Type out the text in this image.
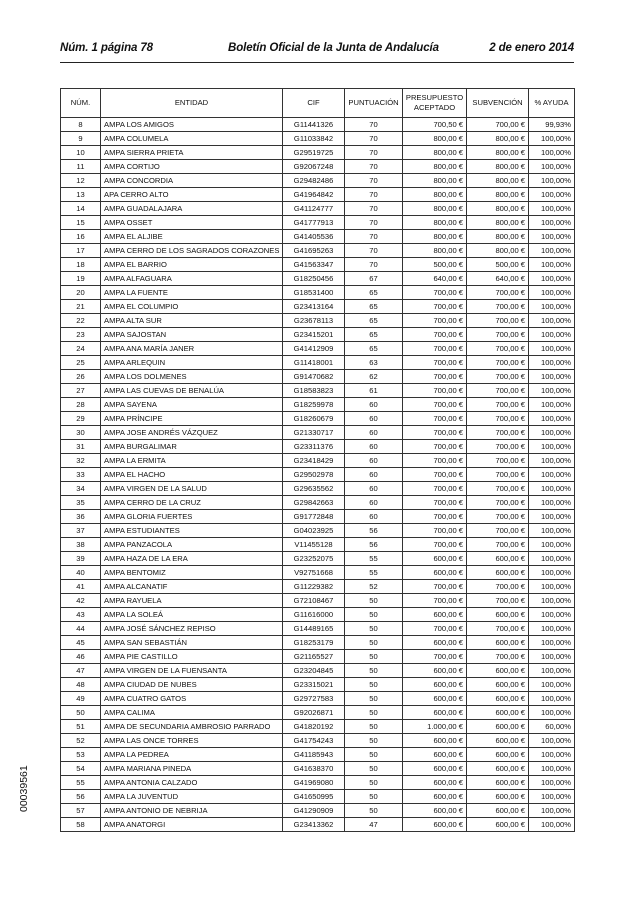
Núm. 1 página 78	Boletín Oficial de la Junta de Andalucía	2 de enero 2014
00039561
NÚM.	ENTIDAD	CIF	PUNTUACIÓN	PRESUPUESTO ACEPTADO	SUBVENCIÓN	% AYUDA
8	AMPA LOS AMIGOS	G11441326	70	700,50 €	700,00 €	99,93%
9	AMPA COLUMELA	G11033842	70	800,00 €	800,00 €	100,00%
10	AMPA SIERRA PRIETA	G29519725	70	800,00 €	800,00 €	100,00%
11	AMPA CORTIJO	G92067248	70	800,00 €	800,00 €	100,00%
12	AMPA CONCORDIA	G29482486	70	800,00 €	800,00 €	100,00%
13	APA CERRO ALTO	G41964842	70	800,00 €	800,00 €	100,00%
14	AMPA GUADALAJARA	G41124777	70	800,00 €	800,00 €	100,00%
15	AMPA OSSET	G41777913	70	800,00 €	800,00 €	100,00%
16	AMPA EL ALJIBE	G41405536	70	800,00 €	800,00 €	100,00%
17	AMPA CERRO DE LOS SAGRADOS CORAZONES	G41695263	70	800,00 €	800,00 €	100,00%
18	AMPA EL BARRIO	G41563347	70	500,00 €	500,00 €	100,00%
19	AMPA ALFAGUARA	G18250456	67	640,00 €	640,00 €	100,00%
20	AMPA LA FUENTE	G18531400	65	700,00 €	700,00 €	100,00%
21	AMPA EL COLUMPIO	G23413164	65	700,00 €	700,00 €	100,00%
22	AMPA ALTA SUR	G23678113	65	700,00 €	700,00 €	100,00%
23	AMPA SAJOSTAN	G23415201	65	700,00 €	700,00 €	100,00%
24	AMPA ANA MARÍA JANER	G41412909	65	700,00 €	700,00 €	100,00%
25	AMPA ARLEQUIN	G11418001	63	700,00 €	700,00 €	100,00%
26	AMPA LOS DOLMENES	G91470682	62	700,00 €	700,00 €	100,00%
27	AMPA LAS CUEVAS DE BENALÚA	G18583823	61	700,00 €	700,00 €	100,00%
28	AMPA SAYENA	G18259978	60	700,00 €	700,00 €	100,00%
29	AMPA PRÍNCIPE	G18260679	60	700,00 €	700,00 €	100,00%
30	AMPA JOSE ANDRÉS VÁZQUEZ	G21330717	60	700,00 €	700,00 €	100,00%
31	AMPA BURGALIMAR	G23311376	60	700,00 €	700,00 €	100,00%
32	AMPA LA ERMITA	G23418429	60	700,00 €	700,00 €	100,00%
33	AMPA EL HACHO	G29502978	60	700,00 €	700,00 €	100,00%
34	AMPA VIRGEN DE LA SALUD	G29635562	60	700,00 €	700,00 €	100,00%
35	AMPA CERRO DE LA CRUZ	G29842663	60	700,00 €	700,00 €	100,00%
36	AMPA GLORIA FUERTES	G91772848	60	700,00 €	700,00 €	100,00%
37	AMPA ESTUDIANTES	G04023925	56	700,00 €	700,00 €	100,00%
38	AMPA PANZACOLA	V11455128	56	700,00 €	700,00 €	100,00%
39	AMPA HAZA DE LA ERA	G23252075	55	600,00 €	600,00 €	100,00%
40	AMPA BENTOMIZ	V92751668	55	600,00 €	600,00 €	100,00%
41	AMPA ALCANATIF	G11229382	52	700,00 €	700,00 €	100,00%
42	AMPA RAYUELA	G72108467	50	700,00 €	700,00 €	100,00%
43	AMPA LA SOLEÁ	G11616000	50	600,00 €	600,00 €	100,00%
44	AMPA JOSÉ SÁNCHEZ REPISO	G14489165	50	700,00 €	700,00 €	100,00%
45	AMPA SAN SEBASTIÁN	G18253179	50	600,00 €	600,00 €	100,00%
46	AMPA PIE CASTILLO	G21165527	50	700,00 €	700,00 €	100,00%
47	AMPA VIRGEN DE LA FUENSANTA	G23204845	50	600,00 €	600,00 €	100,00%
48	AMPA CIUDAD DE NUBES	G23315021	50	600,00 €	600,00 €	100,00%
49	AMPA CUATRO GATOS	G29727583	50	600,00 €	600,00 €	100,00%
50	AMPA CALIMA	G92026871	50	600,00 €	600,00 €	100,00%
51	AMPA DE SECUNDARIA AMBROSIO PARRADO	G41820192	50	1.000,00 €	600,00 €	60,00%
52	AMPA LAS ONCE TORRES	G41754243	50	600,00 €	600,00 €	100,00%
53	AMPA LA PEDREA	G41185943	50	600,00 €	600,00 €	100,00%
54	AMPA MARIANA PINEDA	G41638370	50	600,00 €	600,00 €	100,00%
55	AMPA ANTONIA CALZADO	G41969080	50	600,00 €	600,00 €	100,00%
56	AMPA LA JUVENTUD	G41650995	50	600,00 €	600,00 €	100,00%
57	AMPA ANTONIO DE NEBRIJA	G41290909	50	600,00 €	600,00 €	100,00%
58	AMPA ANATORGI	G23413362	47	600,00 €	600,00 €	100,00%
